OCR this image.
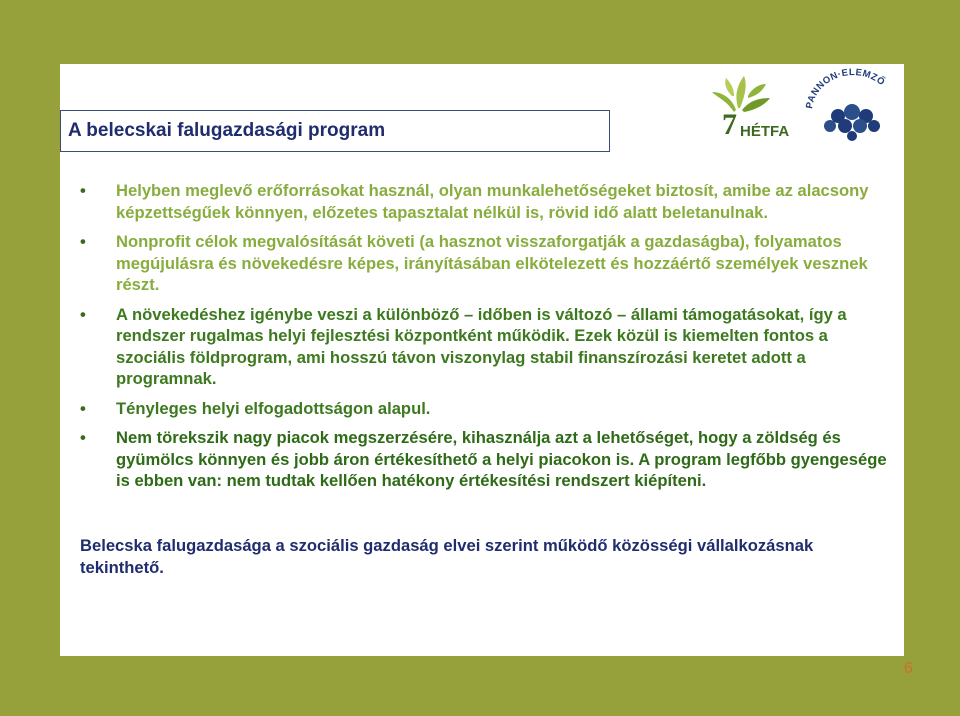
A belecskai falugazdasági program	7 HÉTFA
PANNON·ELEMZŐ
• Helyben meglevő erőforrásokat használ, olyan munkalehetőségeket biztosít, amibe az alacsony képzettségűek könnyen, előzetes tapasztalat nélkül is, rövid idő alatt beletanulnak.
• Nonprofit célok megvalósítását követi (a hasznot visszaforgatják a gazdaságba), folyamatos megújulásra és növekedésre képes, irányításában elkötelezett és hozzáértő személyek vesznek részt.
• A növekedéshez igénybe veszi a különböző – időben is változó – állami támogatásokat, így a rendszer rugalmas helyi fejlesztési központként működik. Ezek közül is kiemelten fontos a szociális földprogram, ami hosszú távon viszonylag stabil finanszírozási keretet adott a programnak.
• Tényleges helyi elfogadottságon alapul.
• Nem törekszik nagy piacok megszerzésére, kihasználja azt a lehetőséget, hogy a zöldség és gyümölcs könnyen és jobb áron értékesíthető a helyi piacokon is. A program legfőbb gyengesége is ebben van: nem tudtak kellően hatékony értékesítési rendszert kiépíteni.

Belecska falugazdasága a szociális gazdaság elvei szerint működő közösségi vállalkozásnak tekinthető.

6
